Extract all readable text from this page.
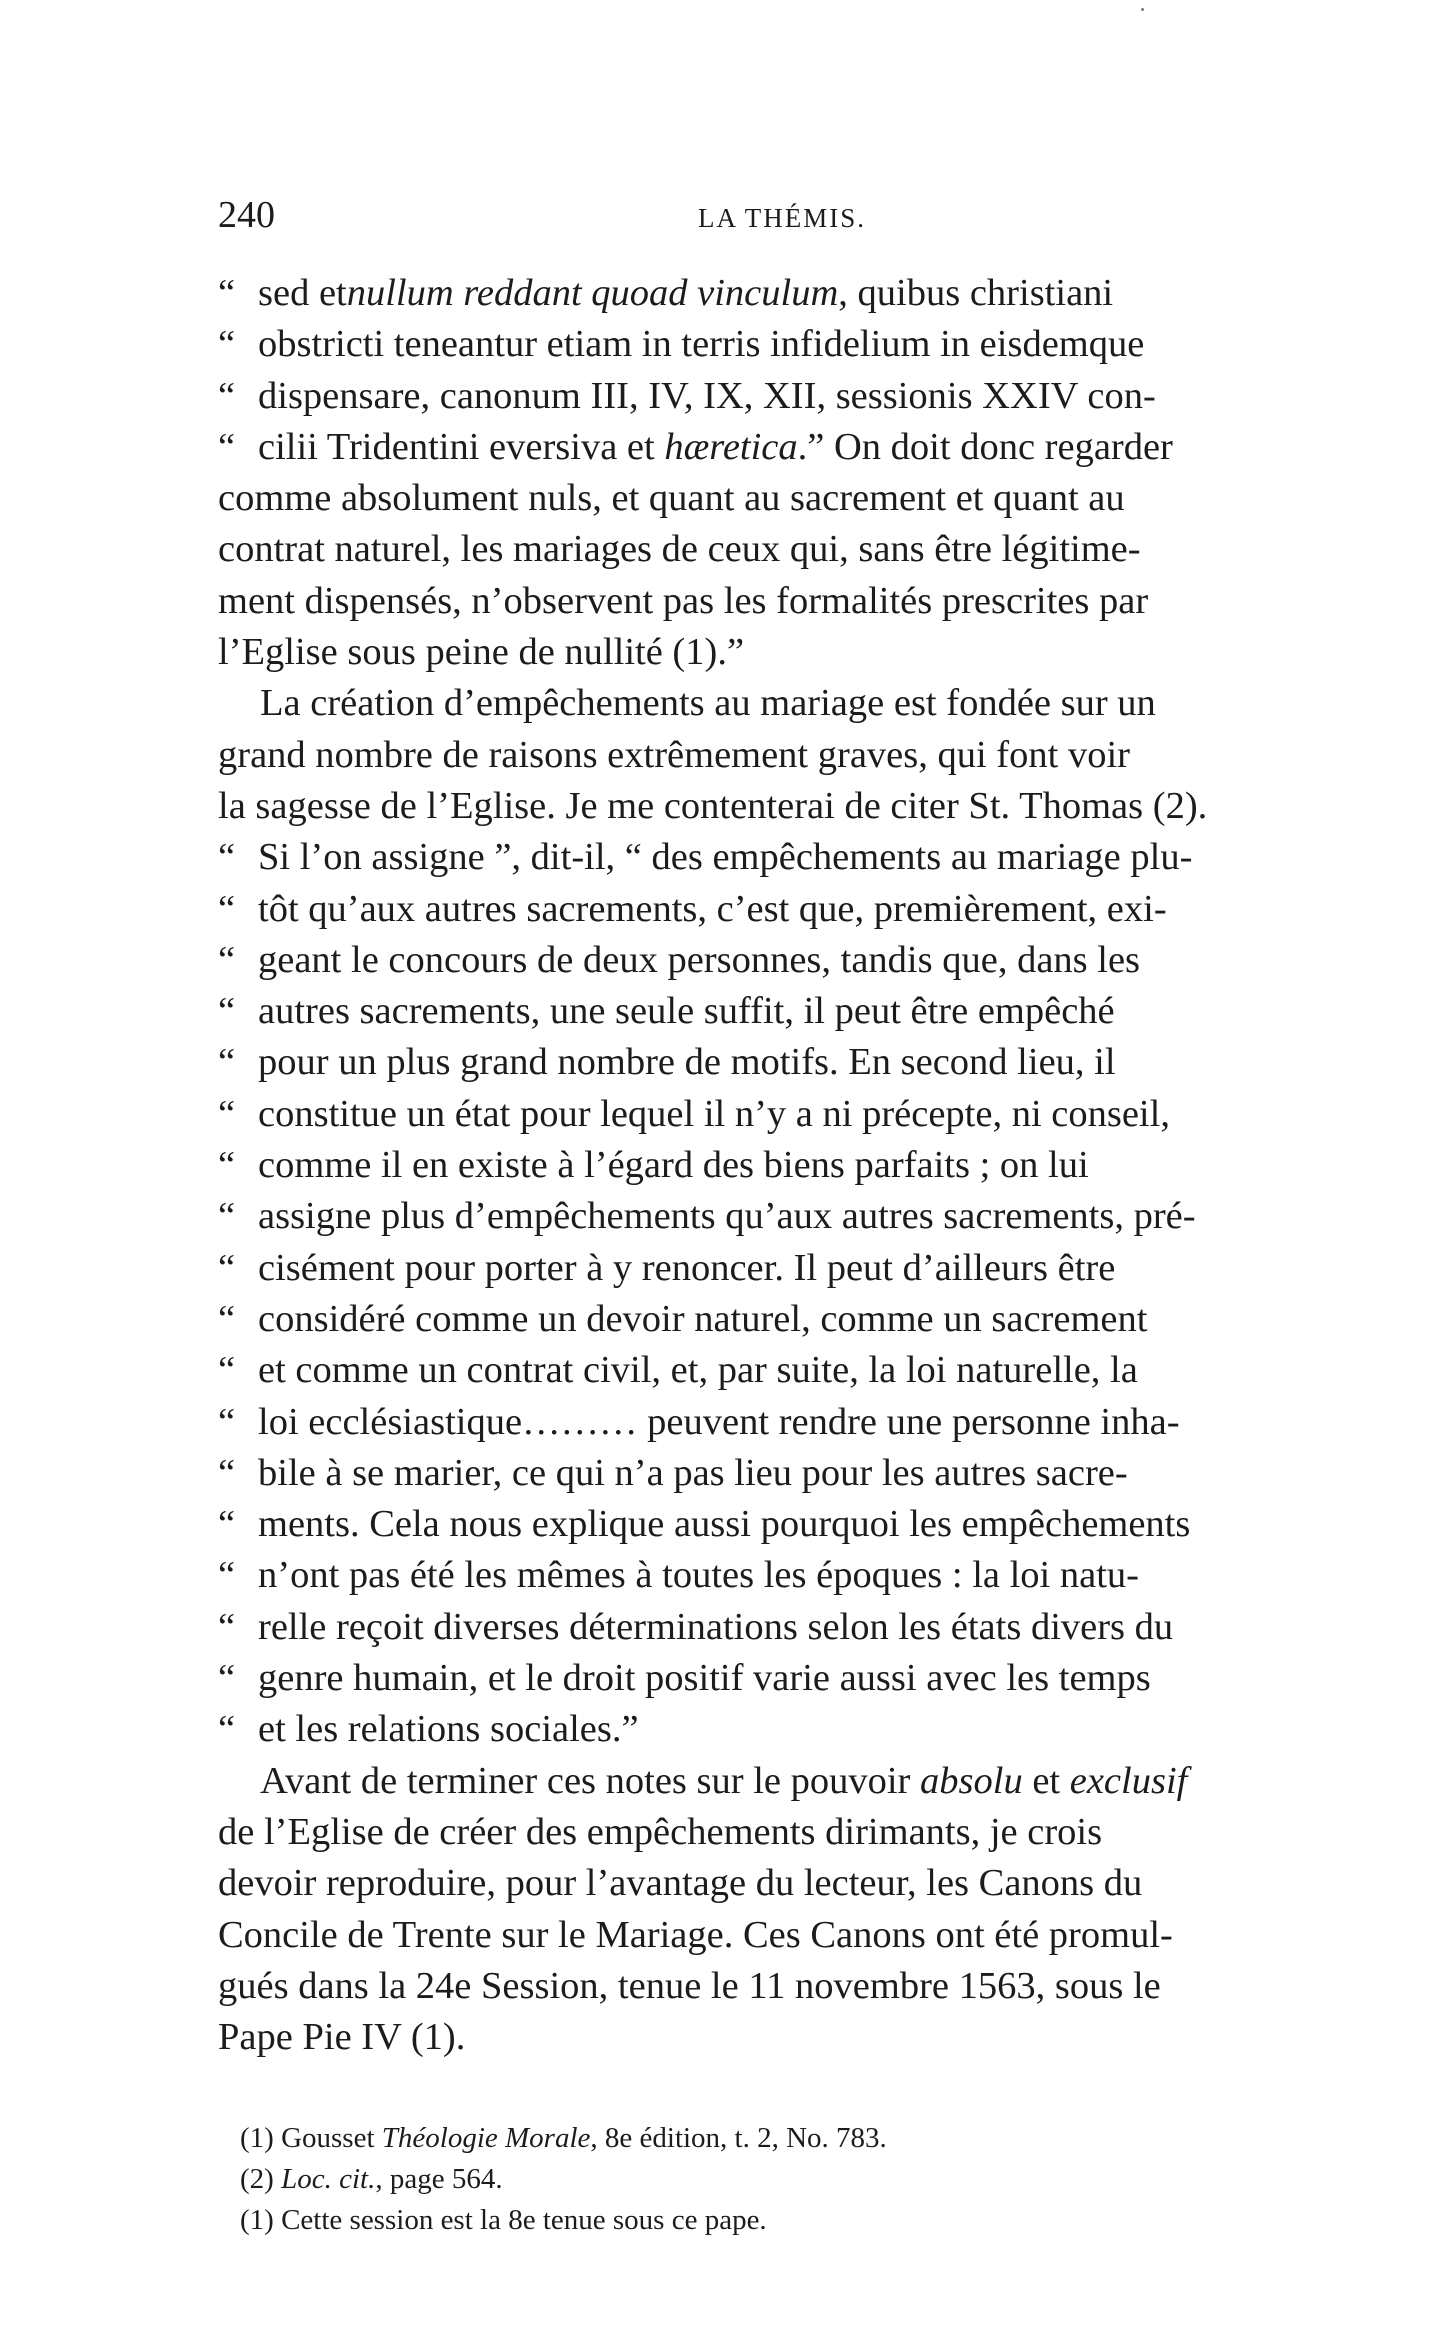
240	LA THÉMIS.
“ sed etnullum reddant quoad vinculum, quibus christiani
“ obstricti teneantur etiam in terris infidelium in eisdemque
“ dispensare, canonum III, IV, IX, XII, sessionis XXIV con-
“ cilii Tridentini eversiva et hæretica.” On doit donc regarder
comme absolument nuls, et quant au sacrement et quant au
contrat naturel, les mariages de ceux qui, sans être légitime-
ment dispensés, n’observent pas les formalités prescrites par
l’Eglise sous peine de nullité (1).”
La création d’empêchements au mariage est fondée sur un
grand nombre de raisons extrêmement graves, qui font voir
la sagesse de l’Eglise. Je me contenterai de citer St. Thomas (2).
“ Si l’on assigne ”, dit-il, “ des empêchements au mariage plu-
“ tôt qu’aux autres sacrements, c’est que, premièrement, exi-
“ geant le concours de deux personnes, tandis que, dans les
“ autres sacrements, une seule suffit, il peut être empêché
“ pour un plus grand nombre de motifs. En second lieu, il
“ constitue un état pour lequel il n’y a ni précepte, ni conseil,
“ comme il en existe à l’égard des biens parfaits ; on lui
“ assigne plus d’empêchements qu’aux autres sacrements, pré-
“ cisément pour porter à y renoncer. Il peut d’ailleurs être
“ considéré comme un devoir naturel, comme un sacrement
“ et comme un contrat civil, et, par suite, la loi naturelle, la
“ loi ecclésiastique……… peuvent rendre une personne inha-
“ bile à se marier, ce qui n’a pas lieu pour les autres sacre-
“ ments. Cela nous explique aussi pourquoi les empêchements
“ n’ont pas été les mêmes à toutes les époques : la loi natu-
“ relle reçoit diverses déterminations selon les états divers du
“ genre humain, et le droit positif varie aussi avec les temps
“ et les relations sociales.”
Avant de terminer ces notes sur le pouvoir absolu et exclusif
de l’Eglise de créer des empêchements dirimants, je crois
devoir reproduire, pour l’avantage du lecteur, les Canons du
Concile de Trente sur le Mariage. Ces Canons ont été promul-
gués dans la 24e Session, tenue le 11 novembre 1563, sous le
Pape Pie IV (1).
(1) Gousset Théologie Morale, 8e édition, t. 2, No. 783.
(2) Loc. cit., page 564.
(1) Cette session est la 8e tenue sous ce pape.
